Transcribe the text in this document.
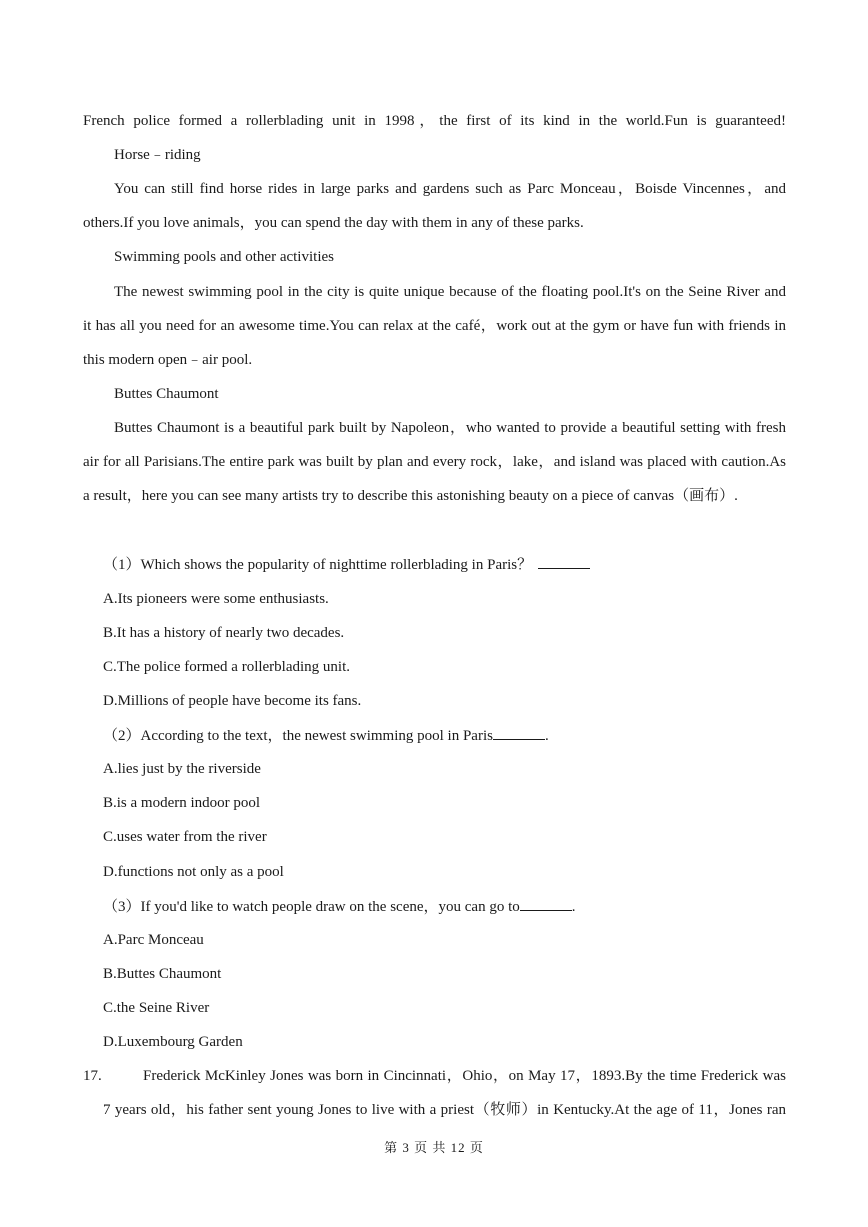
French police formed a rollerblading unit in 1998，the first of its kind in the world.Fun is guaranteed!
Horse﹣riding
You can still find horse rides in large parks and gardens such as Parc Monceau，Boisde Vincennes，and
others.If you love animals，you can spend the day with them in any of these parks.
Swimming pools and other activities
The newest swimming pool in the city is quite unique because of the floating pool.It's on the Seine River and
it has all you need for an awesome time.You can relax at the café，work out at the gym or have fun with friends in
this modern open﹣air pool.
Buttes Chaumont
Buttes Chaumont is a beautiful park built by Napoleon，who wanted to provide a beautiful setting with fresh
air for all Parisians.The entire park was built by plan and every rock，lake，and island was placed with caution.As
a result，here you can see many artists try to describe this astonishing beauty on a piece of canvas（画布）.
（1）Which shows the popularity of nighttime rollerblading in Paris？
A.Its pioneers were some enthusiasts.
B.It has a history of nearly two decades.
C.The police formed a rollerblading unit.
D.Millions of people have become its fans.
（2）According to the text，the newest swimming pool in Paris	.
A.lies just by the riverside
B.is a modern indoor pool
C.uses water from the river
D.functions not only as a pool
（3）If you'd like to watch people draw on the scene，you can go to	.
A.Parc Monceau
B.Buttes Chaumont
C.the Seine River
D.Luxembourg Garden
17.	Frederick McKinley Jones was born in Cincinnati，Ohio，on May 17，1893.By the time Frederick was
7 years old，his father sent young Jones to live with a priest（牧师）in Kentucky.At the age of 11，Jones ran
第 3 页 共 12 页
